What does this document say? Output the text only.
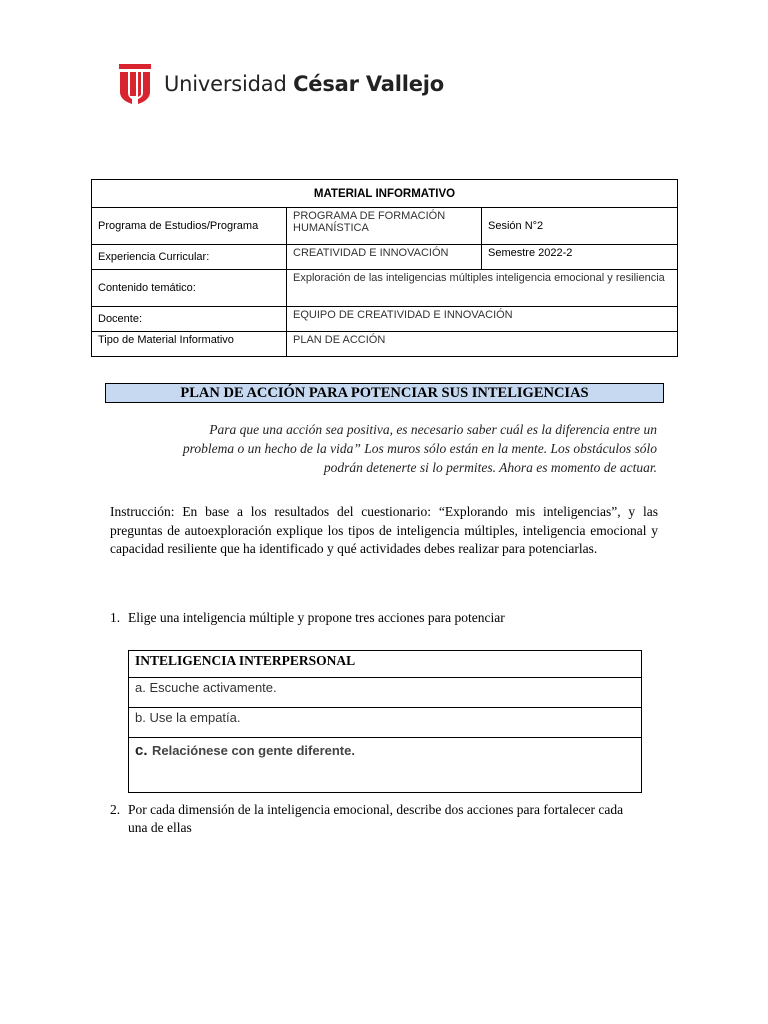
Universidad César Vallejo
MATERIAL INFORMATIVO		
Programa de Estudios/Programa	PROGRAMA DE FORMACIÓN HUMANÍSTICA	Sesión N°2
Experiencia Curricular:	CREATIVIDAD E INNOVACIÓN	Semestre 2022-2
Contenido temático:	Exploración de las inteligencias múltiples inteligencia emocional y resiliencia	
Docente:	EQUIPO DE CREATIVIDAD E INNOVACIÓN	
Tipo de Material Informativo	PLAN DE ACCIÓN	
PLAN DE ACCIÓN PARA POTENCIAR SUS INTELIGENCIAS
Para que una acción sea positiva, es necesario saber cuál es la diferencia entre un problema o un hecho de la vida” Los muros sólo están en la mente. Los obstáculos sólo podrán detenerte si lo permites. Ahora es momento de actuar.
Instrucción: En base a los resultados del cuestionario: “Explorando mis inteligencias”, y las preguntas de autoexploración explique los tipos de inteligencia múltiples, inteligencia emocional y capacidad resiliente que ha identificado y qué actividades debes realizar para potenciarlas.
1. Elige una inteligencia múltiple y propone tres acciones para potenciar
INTELIGENCIA INTERPERSONAL
a. Escuche activamente.
b. Use la empatía.
c. Relaciónese con gente diferente.
2. Por cada dimensión de la inteligencia emocional, describe dos acciones para fortalecer cada
una de ellas
